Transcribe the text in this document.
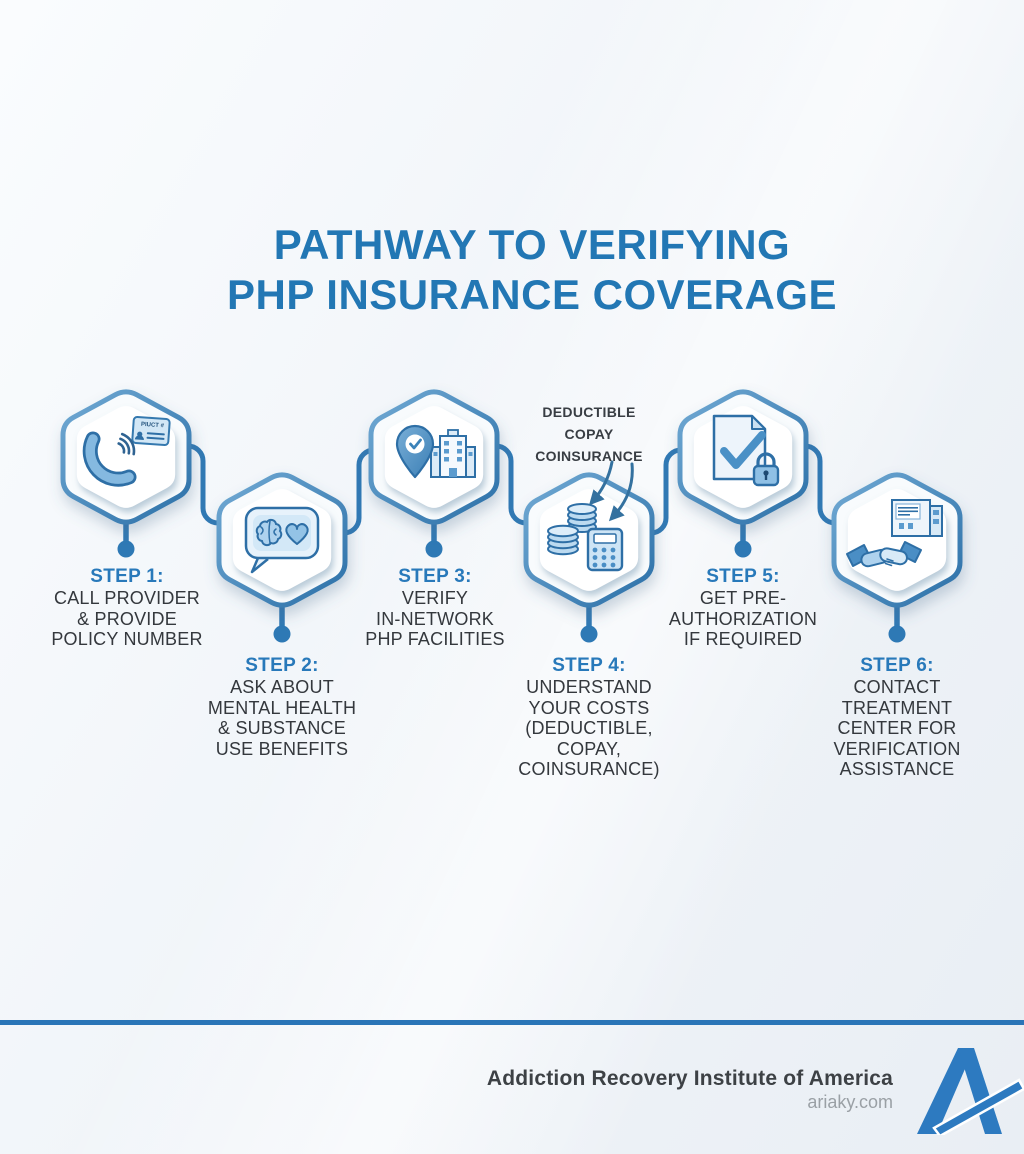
PATHWAY TO VERIFYING
PHP INSURANCE COVERAGE
PIUCT #
DEDUCTIBLE
COPAY
COINSURANCE
STEP 1:
CALL PROVIDER
& PROVIDE
POLICY NUMBER
STEP 2:
ASK ABOUT
MENTAL HEALTH
& SUBSTANCE
USE BENEFITS
STEP 3:
VERIFY
IN-NETWORK
PHP FACILITIES
STEP 4:
UNDERSTAND
YOUR COSTS
(DEDUCTIBLE,
COPAY,
COINSURANCE)
STEP 5:
GET PRE-
AUTHORIZATION
IF REQUIRED
STEP 6:
CONTACT
TREATMENT
CENTER FOR
VERIFICATION
ASSISTANCE
Addiction Recovery Institute of America
ariaky.com
